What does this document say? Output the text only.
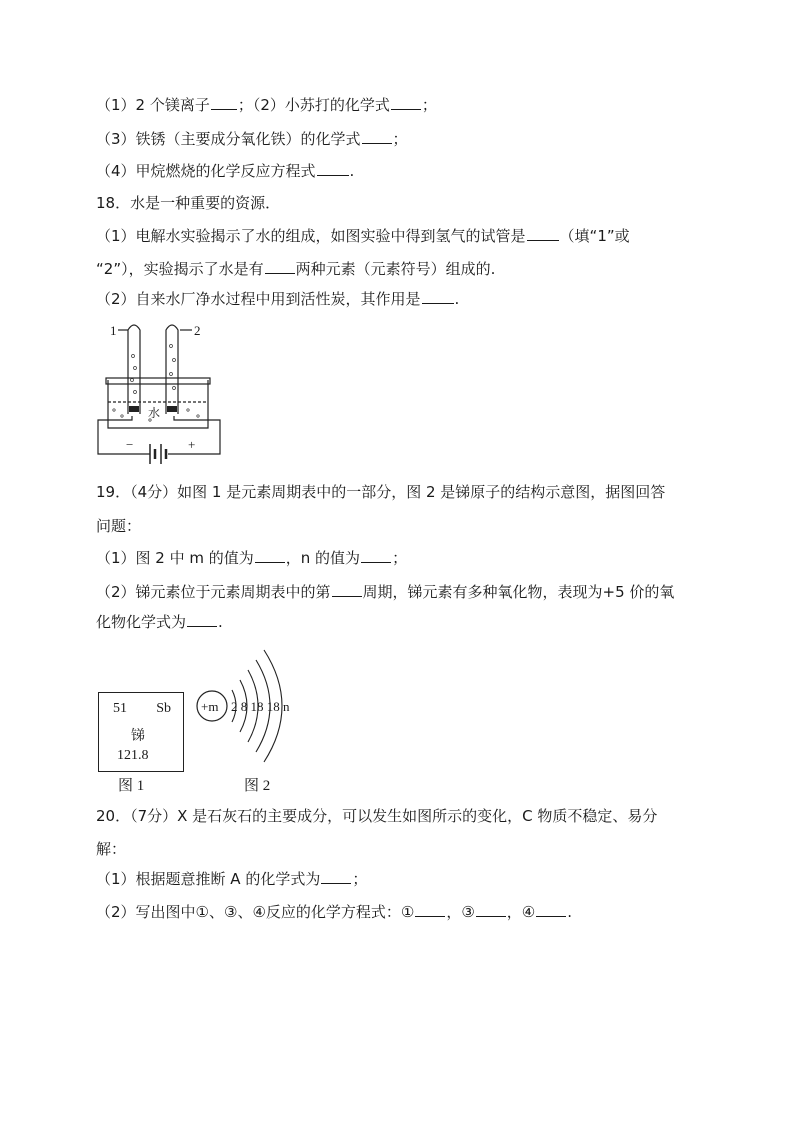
（1）2 个镁离子 ；（2）小苏打的化学式 ；
（3）铁锈（主要成分氧化铁）的化学式 ；
（4）甲烷燃烧的化学反应方程式 .
18．水是一种重要的资源．
（1）电解水实验揭示了水的组成，如图实验中得到氢气的试管是 （填“1”或
“2”），实验揭示了水是有 两种元素（元素符号）组成的.
（2）自来水厂净水过程中用到活性炭，其作用是 .
1	2
水
−	+
19．（4分）如图 1 是元素周期表中的一部分，图 2 是锑原子的结构示意图，据图回答
问题：
（1）图 2 中 m 的值为 ，n 的值为 ；
（2）锑元素位于元素周期表中的第 周期，锑元素有多种氧化物，表现为+5 价的氧
化物化学式为 .
51 Sb
锑
121.8
图 1
+m 2 8 18 18 n
图 2
20．（7分）X 是石灰石的主要成分，可以发生如图所示的变化，C 物质不稳定、易分
解：
（1）根据题意推断 A 的化学式为 ；
（2）写出图中①、③、④反应的化学方程式：① ，③ ，④ .
